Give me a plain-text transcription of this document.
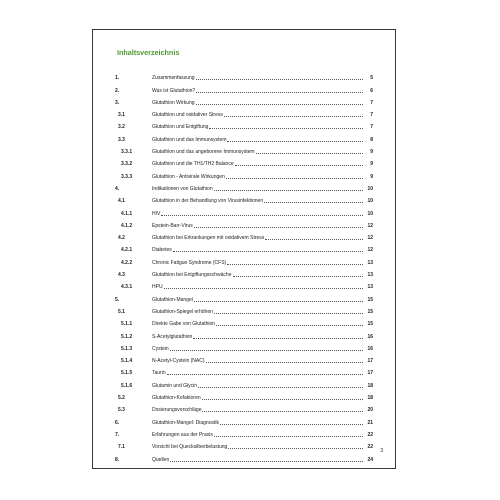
Inhaltsverzeichnis
1.	Zusammenfassung	5
2.	Was ist Glutathion?	6
3.	Glutathion Wirkung	7
3.1	Glutathion und oxidativer Stress	7
3.2	Glutathion und Entgiftung	7
3.3	Glutathion und das Immunsystem	8
3.3.1	Glutathion und das angeborene Immunsystem	9
3.3.2	Glutathion und die TH1/TH2 Balance	9
3.3.3	Glutathion - Antivirale Wirkungen	9
4.	Indikationen von Glutathion	10
4.1	Glutathion in der Behandlung von Virusinfektionen	10
4.1.1	HIV	10
4.1.2	Epstein-Barr-Virus	12
4.2	Glutathion bei Erkrankungen mit oxidativem Stress	12
4.2.1	Diabetes	12
4.2.2	Chronic Fatigue Syndrome (CFS)	13
4.3	Glutathion bei Entgiftungsschwäche	13
4.3.1	HPU	13
5.	Glutathion-Mangel	15
5.1	Glutathion-Spiegel erhöhen	15
5.1.1	Direkte Gabe von Glutathion	15
5.1.2	S-Acetylglutathion	16
5.1.3	Cystein	16
5.1.4	N-Acetyl-Cystein (NAC)	17
5.1.5	Taurin	17
5.1.6	Glutamin und Glycin	18
5.2	Glutathion-Kofaktoren	18
5.3	Dosierungsvorschläge	20
6.	Glutathion-Mangel: Diagnostik	21
7.	Erfahrungen aus der Praxis	22
7.1	Vorsicht bei Quecksilberbelastung	22
8.	Quellen	24
3
